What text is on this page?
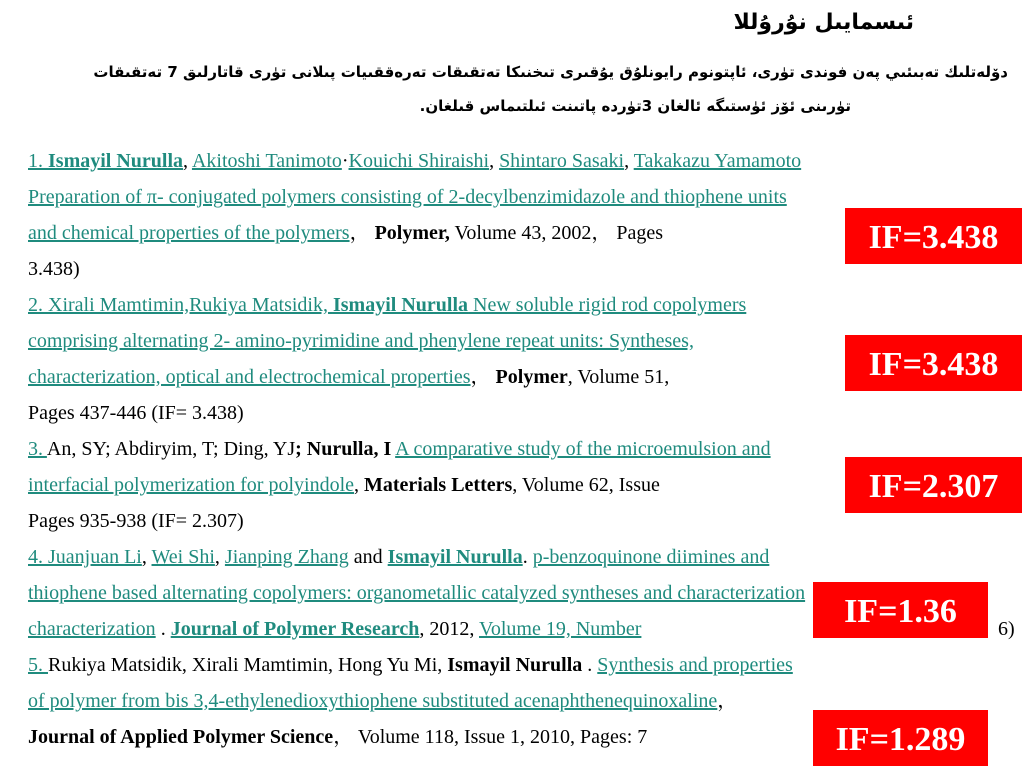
ئىسمايىل نۇرۇللا
دۆلەتلىك تەبىئىي پەن فوندى تۈرى، ئاپتونوم رايونلۇق يۇقىرى تىخنىكا تەتقىقات تەرەققىيات پىلانى تۈرى قاتارلىق 7 تەتقىقات
تۈرىنى ئۆز ئۈستىگە ئالغان 3تۈردە پاتىنت ئىلتىماس قىلغان.
1. Ismayil Nurulla, Akitoshi Tanimoto·Kouichi Shiraishi, Shintaro Sasaki, Takakazu Yamamoto
Preparation of π- conjugated polymers consisting of 2-decylbenzimidazole and thiophene units
and chemical properties of the polymers， Polymer, Volume 43, 2002， Pages
3.438)
2. Xirali Mamtimin,Rukiya Matsidik, Ismayil Nurulla New soluble rigid rod copolymers
comprising alternating 2- amino-pyrimidine and phenylene repeat units: Syntheses,
characterization, optical and electrochemical properties， Polymer, Volume 51,
Pages 437-446 (IF= 3.438)
3. An, SY; Abdiryim, T; Ding, YJ; Nurulla, I A comparative study of the microemulsion and
interfacial polymerization for polyindole, Materials Letters, Volume 62, Issue
Pages 935-938 (IF= 2.307)
4. Juanjuan Li, Wei Shi, Jianping Zhang and Ismayil Nurulla. p-benzoquinone diimines and
thiophene based alternating copolymers: organometallic catalyzed syntheses and characterization
characterization . Journal of Polymer Research, 2012, Volume 19, Number	6)
5. Rukiya Matsidik, Xirali Mamtimin, Hong Yu Mi, Ismayil Nurulla . Synthesis and properties
of polymer from bis 3,4-ethylenedioxythiophene substituted acenaphthenequinoxaline，
Journal of Applied Polymer Science， Volume 118, Issue 1, 2010, Pages: 7
IF=3.438
IF=3.438
IF=2.307
IF=1.36
IF=1.289
